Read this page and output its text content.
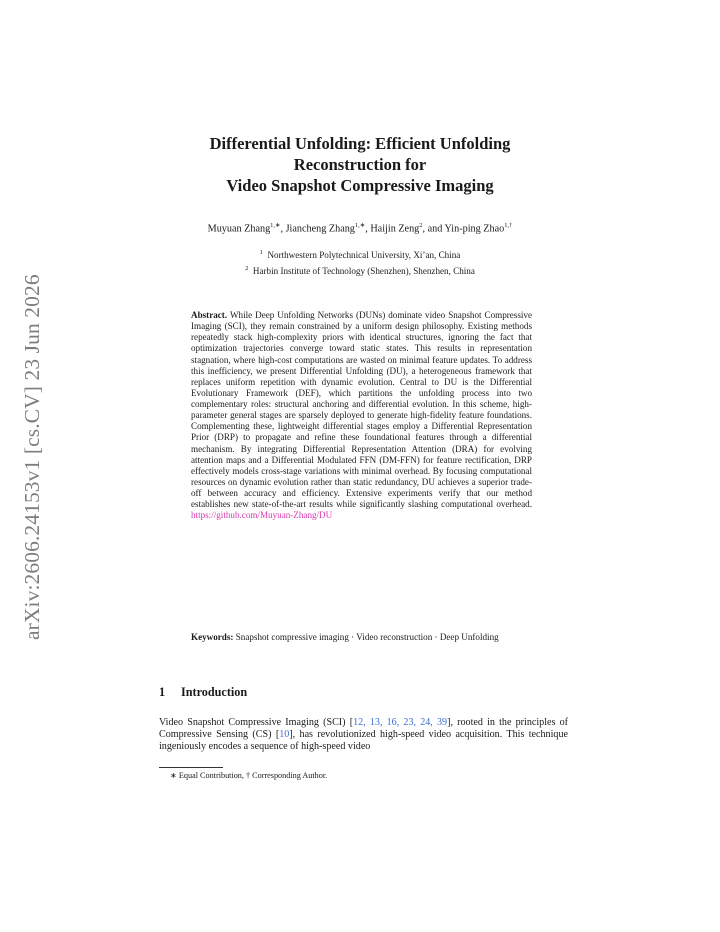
arXiv:2606.24153v1 [cs.CV] 23 Jun 2026
Differential Unfolding: Efficient Unfolding
Reconstruction for
Video Snapshot Compressive Imaging
Muyuan Zhang$^{1,∗}$, Jiancheng Zhang$^{1,∗}$, Haijin Zeng$^2$, and Yin-ping Zhao$^{1,\dagger}$
$^1$ Northwestern Polytechnical University, Xi’an, China
$^2$ Harbin Institute of Technology (Shenzhen), Shenzhen, China
Abstract. While Deep Unfolding Networks (DUNs) dominate video Snapshot Compressive Imaging (SCI), they remain constrained by a uniform design philosophy. Existing methods repeatedly stack high-complexity priors with identical structures, ignoring the fact that optimization trajectories converge toward static states. This results in representation stagnation, where high-cost computations are wasted on minimal feature updates. To address this inefficiency, we present Differential Unfolding (DU), a heterogeneous framework that replaces uniform repetition with dynamic evolution. Central to DU is the Differential Evolutionary Framework (DEF), which partitions the unfolding process into two complementary roles: structural anchoring and differential evolution. In this scheme, high-parameter general stages are sparsely deployed to generate high-fidelity feature foundations. Complementing these, lightweight differential stages employ a Differential Representation Prior (DRP) to propagate and refine these foundational features through a differential mechanism. By integrating Differential Representation Attention (DRA) for evolving attention maps and a Differential Modulated FFN (DM-FFN) for feature rectification, DRP effectively models cross-stage variations with minimal overhead. By focusing computational resources on dynamic evolution rather than static redundancy, DU achieves a superior trade-off between accuracy and efficiency. Extensive experiments verify that our method establishes new state-of-the-art results while significantly slashing computational overhead. https://github.com/Muyuan-Zhang/DU
Keywords: Snapshot compressive imaging · Video reconstruction · Deep Unfolding
1 Introduction
Video Snapshot Compressive Imaging (SCI) [12, 13, 16, 23, 24, 39], rooted in the principles of Compressive Sensing (CS) [10], has revolutionized high-speed video acquisition. This technique ingeniously encodes a sequence of high-speed video
∗ Equal Contribution, † Corresponding Author.
